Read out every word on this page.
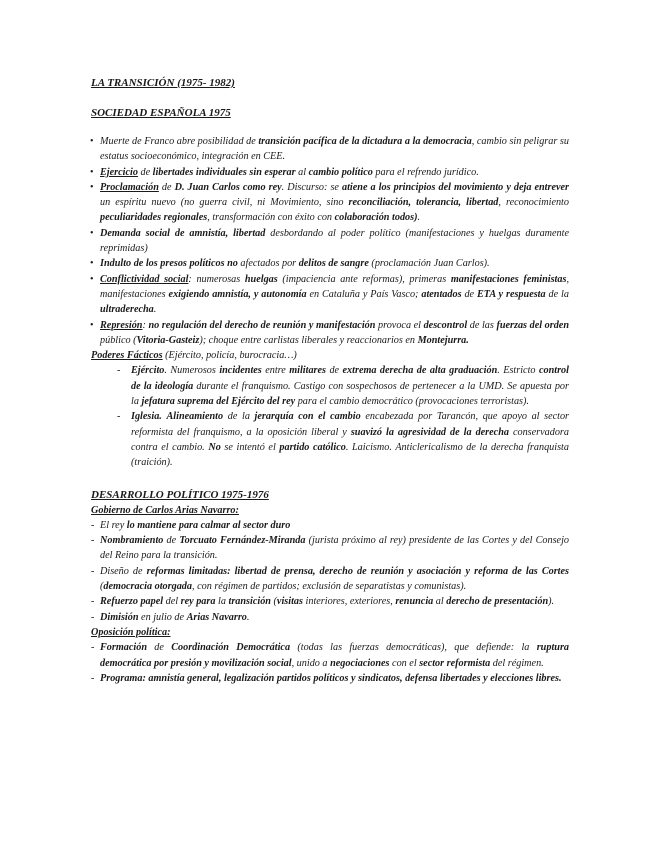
LA TRANSICIÓN (1975- 1982)

SOCIEDAD ESPAÑOLA 1975

• Muerte de Franco abre posibilidad de transición pacífica de la dictadura a la democracia, cambio sin peligrar su estatus socioeconómico, integración en CEE.
• Ejercicio de libertades individuales sin esperar al cambio político para el refrendo jurídico.
• Proclamación de D. Juan Carlos como rey. Discurso: se atiene a los principios del movimiento y deja entrever un espíritu nuevo (no guerra civil, ni Movimiento, sino reconciliación, tolerancia, libertad, reconocimiento peculiaridades regionales, transformación con éxito con colaboración todos).
• Demanda social de amnistía, libertad desbordando al poder político (manifestaciones y huelgas duramente reprimidas)
• Indulto de los presos políticos no afectados por delitos de sangre (proclamación Juan Carlos).
• Conflictividad social: numerosas huelgas (impaciencia ante reformas), primeras manifestaciones feministas, manifestaciones exigiendo amnistía, y autonomía en Cataluña y País Vasco; atentados de ETA y respuesta de la ultraderecha.
• Represión: no regulación del derecho de reunión y manifestación provoca el descontrol de las fuerzas del orden público (Vitoria-Gasteiz); choque entre carlistas liberales y reaccionarios en Montejurra.

Poderes Fácticos (Ejército, policía, burocracia…)

- Ejército. Numerosos incidentes entre militares de extrema derecha de alta graduación. Estricto control de la ideología durante el franquismo. Castigo con sospechosos de pertenecer a la UMD. Se apuesta por la jefatura suprema del Ejército del rey para el cambio democrático (provocaciones terroristas).
- Iglesia. Alineamiento de la jerarquía con el cambio encabezada por Tarancón, que apoyo al sector reformista del franquismo, a la oposición liberal y suavizó la agresividad de la derecha conservadora contra el cambio. No se intentó el partido católico. Laicismo. Anticlericalismo de la derecha franquista (traición).

DESARROLLO POLÍTICO 1975-1976

Gobierno de Carlos Arias Navarro:

- El rey lo mantiene para calmar al sector duro
- Nombramiento de Torcuato Fernández-Miranda (jurista próximo al rey) presidente de las Cortes y del Consejo del Reino para la transición.
- Diseño de reformas limitadas: libertad de prensa, derecho de reunión y asociación y reforma de las Cortes (democracia otorgada, con régimen de partidos; exclusión de separatistas y comunistas).
- Refuerzo papel del rey para la transición (visitas interiores, exteriores, renuncia al derecho de presentación).
- Dimisión en julio de Arias Navarro.

Oposición política:

- Formación de Coordinación Democrática (todas las fuerzas democráticas), que defiende: la ruptura democrática por presión y movilización social, unido a negociaciones con el sector reformista del régimen.
- Programa: amnistía general, legalización partidos políticos y sindicatos, defensa libertades y elecciones libres.
